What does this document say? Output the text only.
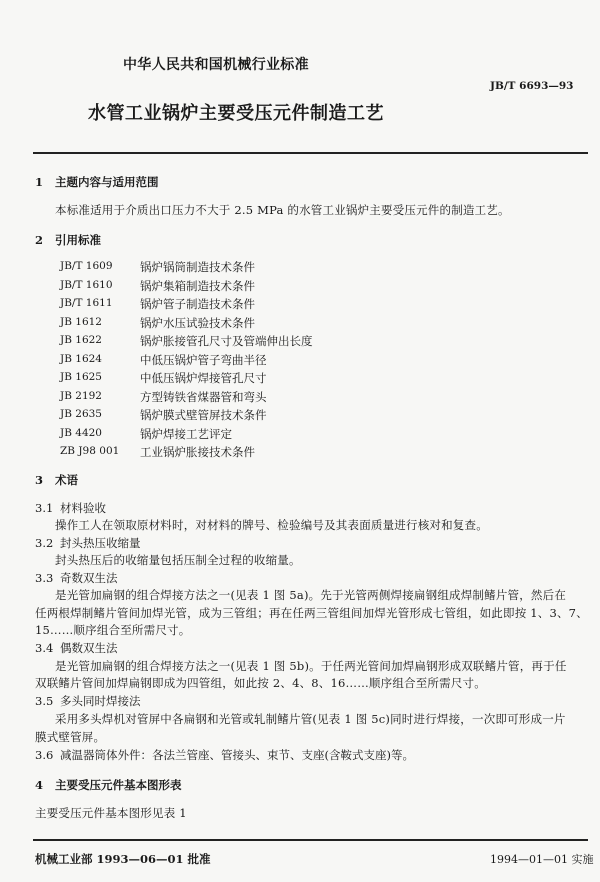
中华人民共和国机械行业标准
JB/T 6693—93
水管工业锅炉主要受压元件制造工艺
1 主题内容与适用范围
本标准适用于介质出口压力不大于 2.5 MPa 的水管工业锅炉主要受压元件的制造工艺。
2 引用标准
JB/T 1609 锅炉锅筒制造技术条件
JB/T 1610 锅炉集箱制造技术条件
JB/T 1611 锅炉管子制造技术条件
JB 1612	锅炉水压试验技术条件
JB 1622	锅炉胀接管孔尺寸及管端伸出长度
JB 1624	中低压锅炉管子弯曲半径
JB 1625	中低压锅炉焊接管孔尺寸
JB 2192	方型铸铁省煤器管和弯头
JB 2635	锅炉膜式壁管屏技术条件
JB 4420	锅炉焊接工艺评定
ZB J98 001 工业锅炉胀接技术条件
3 术语
3.1 材料验收
操作工人在领取原材料时，对材料的牌号、检验编号及其表面质量进行核对和复查。
3.2 封头热压收缩量
封头热压后的收缩量包括压制全过程的收缩量。
3.3 奇数双生法
是光管加扁钢的组合焊接方法之一(见表 1 图 5a)。先于光管两侧焊接扁钢组成焊制鳍片管，然后在
任两根焊制鳍片管间加焊光管，成为三管组；再在任两三管组间加焊光管形成七管组，如此即按 1、3、7、
15……顺序组合至所需尺寸。
3.4 偶数双生法
是光管加扁钢的组合焊接方法之一(见表 1 图 5b)。于任两光管间加焊扁钢形成双联鳍片管，再于任
双联鳍片管间加焊扁钢即成为四管组，如此按 2、4、8、16……顺序组合至所需尺寸。
3.5 多头同时焊接法
采用多头焊机对管屏中各扁钢和光管或轧制鳍片管(见表 1 图 5c)同时进行焊接，一次即可形成一片
膜式壁管屏。
3.6 减温器筒体外件：各法兰管座、管接头、束节、支座(含鞍式支座)等。
4 主要受压元件基本图形表
主要受压元件基本图形见表 1
机械工业部 1993—06—01 批准	1994—01—01 实施
